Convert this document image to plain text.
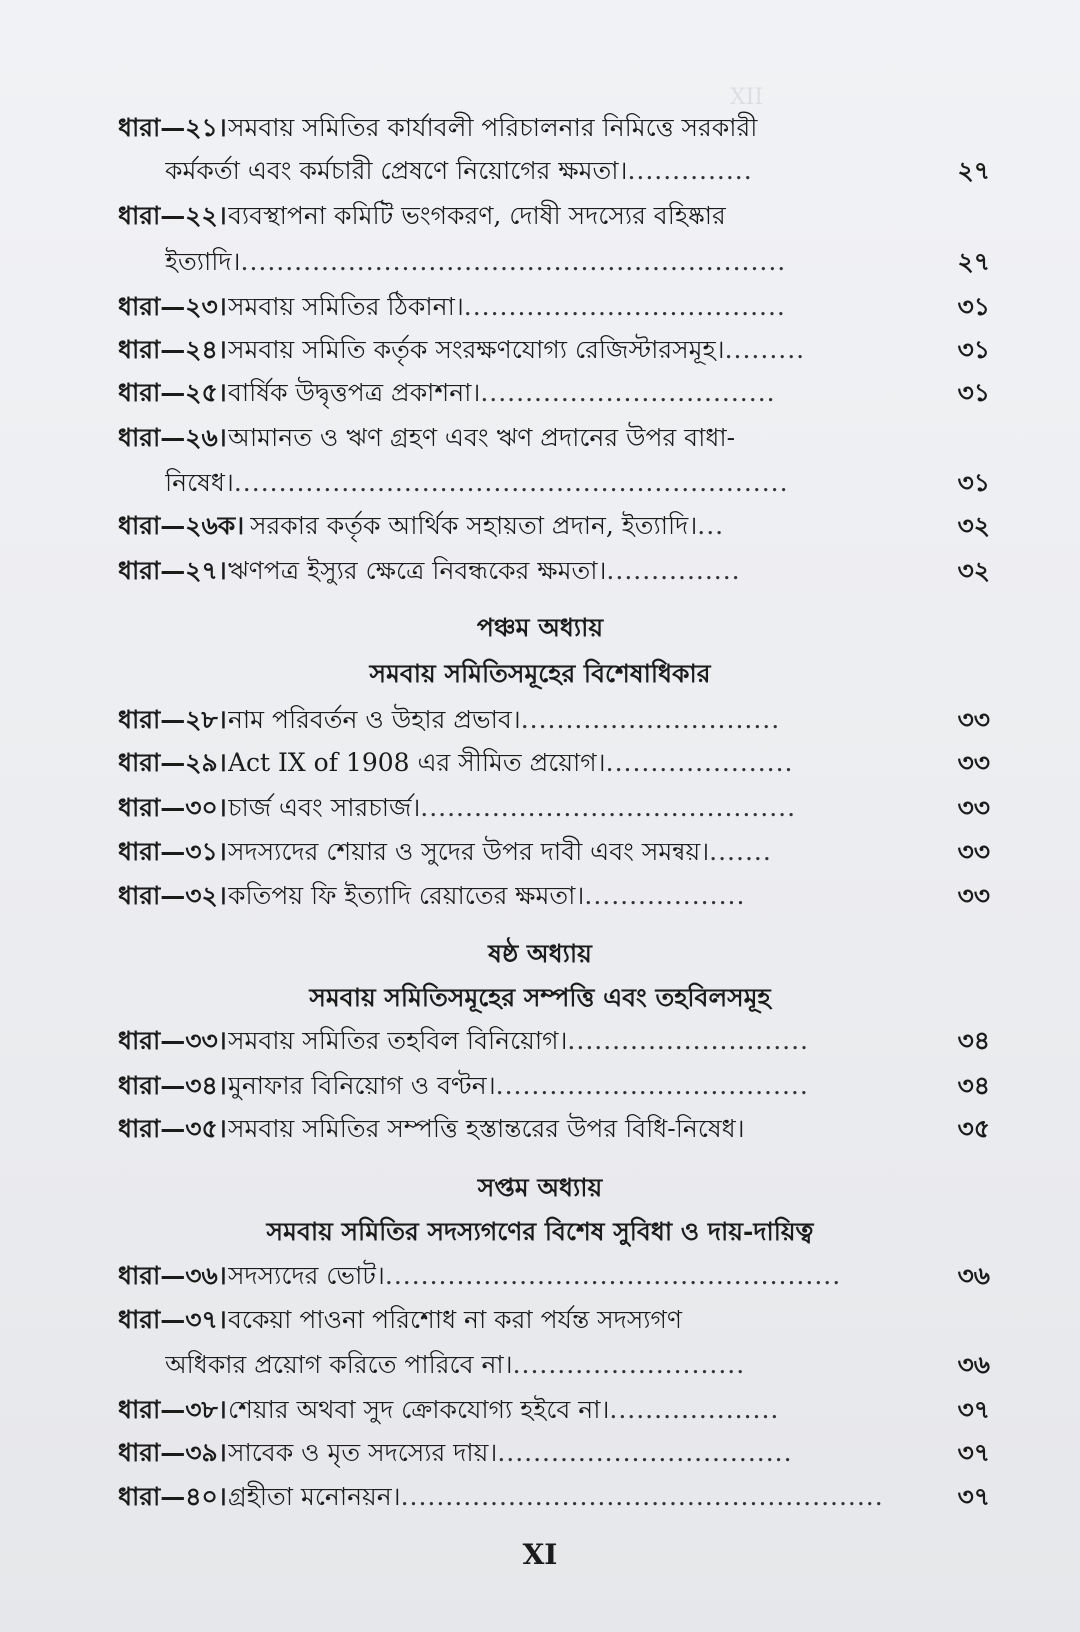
XII
ধারা—২১। সমবায় সমিতির কার্যাবলী পরিচালনার নিমিত্তে সরকারী
কর্মকর্তা এবং কর্মচারী প্রেষণে নিয়োগের ক্ষমতা।..............	২৭
ধারা—২২। ব্যবস্থাপনা কমিটি ভংগকরণ, দোষী সদস্যের বহিষ্কার
ইত্যাদি।.............................................................	২৭
ধারা—২৩। সমবায় সমিতির ঠিকানা।....................................	৩১
ধারা—২৪। সমবায় সমিতি কর্তৃক সংরক্ষণযোগ্য রেজিস্টারসমূহ।.........	৩১
ধারা—২৫। বার্ষিক উদ্বৃত্তপত্র প্রকাশনা।.................................	৩১
ধারা—২৬। আমানত ও ঋণ গ্রহণ এবং ঋণ প্রদানের উপর বাধা-
নিষেধ।..............................................................	৩১
ধারা—২৬ক। সরকার কর্তৃক আর্থিক সহায়তা প্রদান, ইত্যাদি।...	৩২
ধারা—২৭। ঋণপত্র ইস্যুর ক্ষেত্রে নিবন্ধকের ক্ষমতা।...............	৩২
পঞ্চম অধ্যায়
সমবায় সমিতিসমূহের বিশেষাধিকার
ধারা—২৮। নাম পরিবর্তন ও উহার প্রভাব।.............................	৩৩
ধারা—২৯। Act IX of 1908 এর সীমিত প্রয়োগ।.....................	৩৩
ধারা—৩০। চার্জ এবং সারচার্জ।..........................................	৩৩
ধারা—৩১। সদস্যদের শেয়ার ও সুদের উপর দাবী এবং সমন্বয়।.......	৩৩
ধারা—৩২। কতিপয় ফি ইত্যাদি রেয়াতের ক্ষমতা।..................	৩৩
ষষ্ঠ অধ্যায়
সমবায় সমিতিসমূহের সম্পত্তি এবং তহবিলসমূহ
ধারা—৩৩। সমবায় সমিতির তহবিল বিনিয়োগ।...........................	৩৪
ধারা—৩৪। মুনাফার বিনিয়োগ ও বণ্টন।...................................	৩৪
ধারা—৩৫। সমবায় সমিতির সম্পত্তি হস্তান্তরের উপর বিধি-নিষেধ।	৩৫
সপ্তম অধ্যায়
সমবায় সমিতির সদস্যগণের বিশেষ সুবিধা ও দায়-দায়িত্ব
ধারা—৩৬। সদস্যদের ভোট।...................................................	৩৬
ধারা—৩৭। বকেয়া পাওনা পরিশোধ না করা পর্যন্ত সদস্যগণ
অধিকার প্রয়োগ করিতে পারিবে না।..........................	৩৬
ধারা—৩৮। শেয়ার অথবা সুদ ক্রোকযোগ্য হইবে না।...................	৩৭
ধারা—৩৯। সাবেক ও মৃত সদস্যের দায়।.................................	৩৭
ধারা—৪০। গ্রহীতা মনোনয়ন।......................................................	৩৭
XI
